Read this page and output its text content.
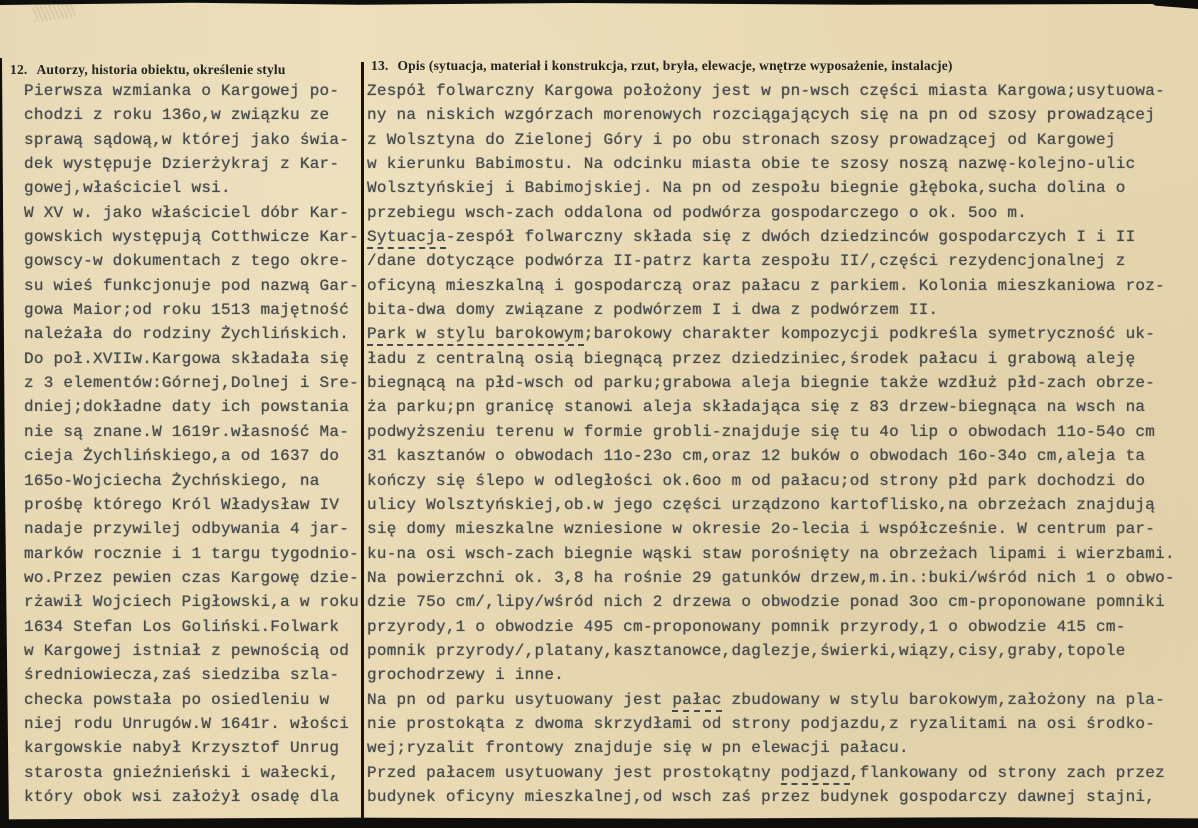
12. Autorzy, historia obiektu, określenie stylu	13. Opis (sytuacja, materiał i konstrukcja, rzut, bryła, elewacje, wnętrze wyposażenie, instalacje)
Pierwsza wzmianka o Kargowej po-
chodzi z roku 136o,w związku ze
sprawą sądową,w której jako świa-
dek występuje Dzierżykraj z Kar-
gowej,właściciel wsi.
W XV w. jako właściciel dóbr Kar-
gowskich występują Cotthwicze Kar-
gowscy-w dokumentach z tego okre-
su wieś funkcjonuje pod nazwą Gar-
gowa Maior;od roku 1513 majętność
należała do rodziny Żychlińskich.
Do poł.XVIIw.Kargowa składała się
z 3 elementów:Górnej,Dolnej i Sre-
dniej;dokładne daty ich powstania
nie są znane.W 1619r.własność Ma-
cieja Żychlińskiego,a od 1637 do
165o-Wojciecha Żychńskiego, na
prośbę którego Król Władysław IV
nadaje przywilej odbywania 4 jar-
marków rocznie i 1 targu tygodnio-
wo.Przez pewien czas Kargowę dzie-
rżawił Wojciech Pigłowski,a w roku
1634 Stefan Los Goliński.Folwark
w Kargowej istniał z pewnością od
średniowiecza,zaś siedziba szla-
checka powstała po osiedleniu w
niej rodu Unrugów.W 1641r. włości
kargowskie nabył Krzysztof Unrug
starosta gnieźnieński i wałecki,
który obok wsi założył osadę dla
Zespół folwarczny Kargowa położony jest w pn-wsch części miasta Kargowa;usytuowa-
ny na niskich wzgórzach morenowych rozciągających się na pn od szosy prowadzącej
z Wolsztyna do Zielonej Góry i po obu stronach szosy prowadzącej od Kargowej
w kierunku Babimostu. Na odcinku miasta obie te szosy noszą nazwę-kolejno-ulic
Wolsztyńskiej i Babimojskiej. Na pn od zespołu biegnie głęboka,sucha dolina o
przebiegu wsch-zach oddalona od podwórza gospodarczego o ok. 5oo m.
Sytuacja-zespół folwarczny składa się z dwóch dziedzinców gospodarczych I i II
/dane dotyczące podwórza II-patrz karta zespołu II/,części rezydencjonalnej z
oficyną mieszkalną i gospodarczą oraz pałacu z parkiem. Kolonia mieszkaniowa roz-
bita-dwa domy związane z podwórzem I i dwa z podwórzem II.
Park w stylu barokowym;barokowy charakter kompozycji podkreśla symetryczność uk-
ładu z centralną osią biegnącą przez dziedziniec,środek pałacu i grabową aleję
biegnącą na płd-wsch od parku;grabowa aleja biegnie także wzdłuż płd-zach obrze-
ża parku;pn granicę stanowi aleja składająca się z 83 drzew-biegnąca na wsch na
podwyższeniu terenu w formie grobli-znajduje się tu 4o lip o obwodach 11o-54o cm
31 kasztanów o obwodach 11o-23o cm,oraz 12 buków o obwodach 16o-34o cm,aleja ta
kończy się ślepo w odległości ok.6oo m od pałacu;od strony płd park dochodzi do
ulicy Wolsztyńskiej,ob.w jego części urządzono kartoflisko,na obrzeżach znajdują
się domy mieszkalne wzniesione w okresie 2o-lecia i współcześnie. W centrum par-
ku-na osi wsch-zach biegnie wąski staw porośnięty na obrzeżach lipami i wierzbami.
Na powierzchni ok. 3,8 ha rośnie 29 gatunków drzew,m.in.:buki/wśród nich 1 o obwo-
dzie 75o cm/,lipy/wśród nich 2 drzewa o obwodzie ponad 3oo cm-proponowane pomniki
przyrody,1 o obwodzie 495 cm-proponowany pomnik przyrody,1 o obwodzie 415 cm-
pomnik przyrody/,platany,kasztanowce,daglezje,świerki,wiązy,cisy,graby,topole
grochodrzewy i inne.
Na pn od parku usytuowany jest pałac zbudowany w stylu barokowym,założony na pla-
nie prostokąta z dwoma skrzydłami od strony podjazdu,z ryzalitami na osi środko-
wej;ryzalit frontowy znajduje się w pn elewacji pałacu.
Przed pałacem usytuowany jest prostokątny podjazd,flankowany od strony zach przez
budynek oficyny mieszkalnej,od wsch zaś przez budynek gospodarczy dawnej stajni,
